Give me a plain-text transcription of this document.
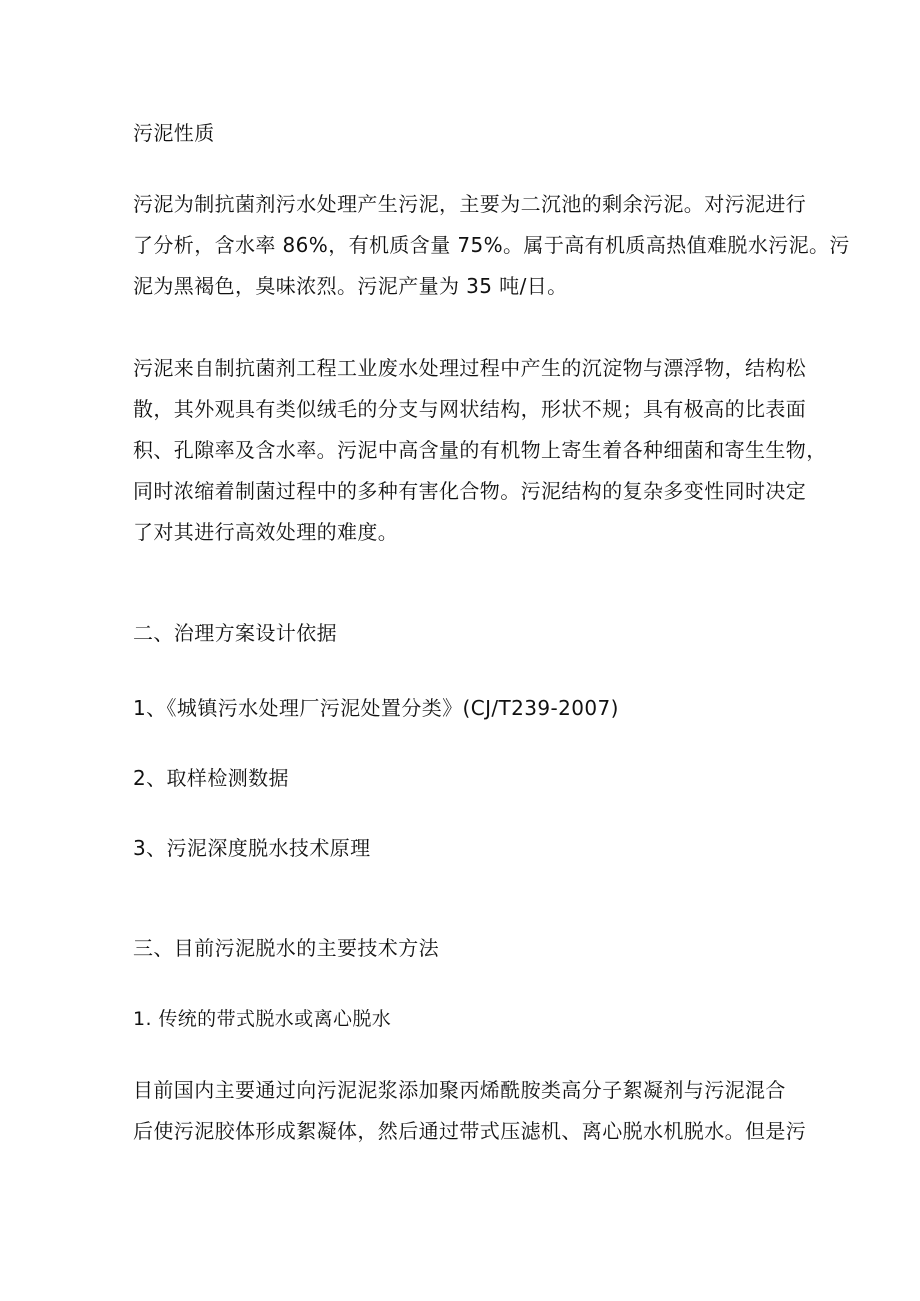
污泥性质

污泥为制抗菌剂污水处理产生污泥，主要为二沉池的剩余污泥。对污泥进行
了分析，含水率 86%，有机质含量 75%。属于高有机质高热值难脱水污泥。污
泥为黑褐色，臭味浓烈。污泥产量为 35 吨/日。
污泥来自制抗菌剂工程工业废水处理过程中产生的沉淀物与漂浮物，结构松
散，其外观具有类似绒毛的分支与网状结构，形状不规；具有极高的比表面
积、孔隙率及含水率。污泥中高含量的有机物上寄生着各种细菌和寄生生物，
同时浓缩着制菌过程中的多种有害化合物。污泥结构的复杂多变性同时决定
了对其进行高效处理的难度。

二、治理方案设计依据

1、《城镇污水处理厂污泥处置分类》(CJ/T239-2007)

2、取样检测数据

3、污泥深度脱水技术原理

三、目前污泥脱水的主要技术方法

1. 传统的带式脱水或离心脱水

目前国内主要通过向污泥泥浆添加聚丙烯酰胺类高分子絮凝剂与污泥混合
后使污泥胶体形成絮凝体，然后通过带式压滤机、离心脱水机脱水。但是污
